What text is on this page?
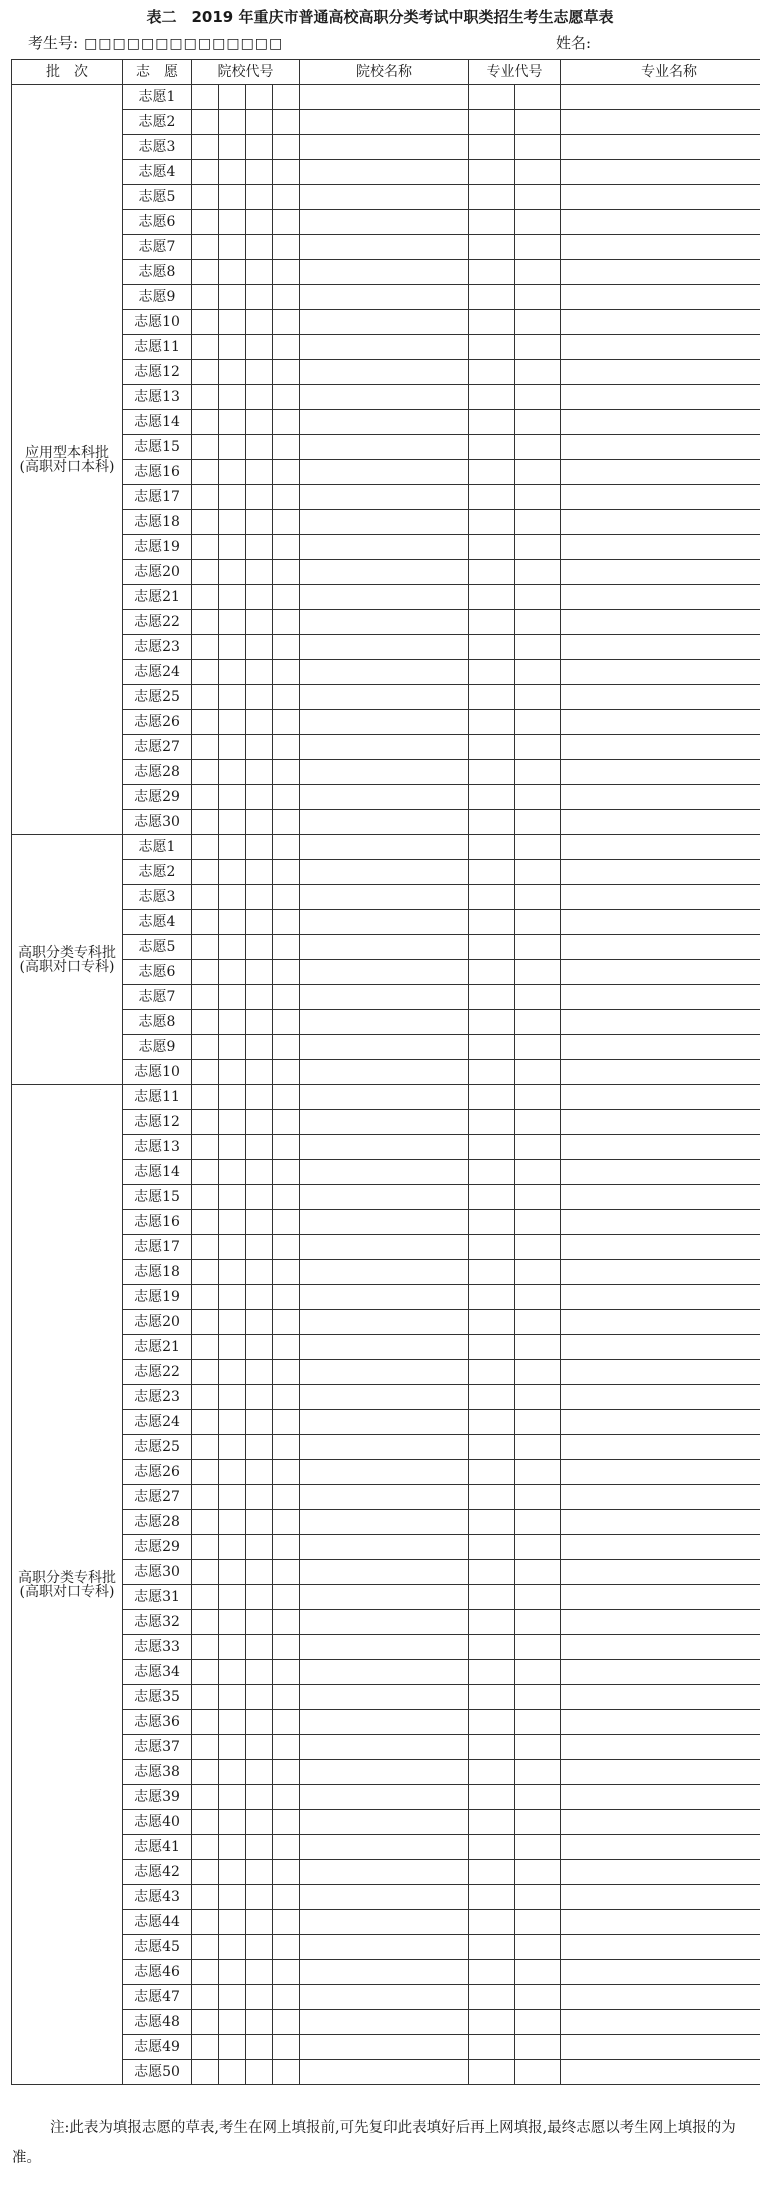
表二　2019 年重庆市普通高校高职分类考试中职类招生考生志愿草表
考生号: □□□□□□□□□□□□□□	姓名:
批　次	志　愿	院校代号				院校名称	专业代号		专业名称

应用型本科批
(高职对口本科)	志愿1								
	志愿2								
	志愿3								
	志愿4								
	志愿5								
	志愿6								
	志愿7								
	志愿8								
	志愿9								
	志愿10								
	志愿11								
	志愿12								
	志愿13								
	志愿14								
	志愿15								
	志愿16								
	志愿17								
	志愿18								
	志愿19								
	志愿20								
	志愿21								
	志愿22								
	志愿23								
	志愿24								
	志愿25								
	志愿26								
	志愿27								
	志愿28								
	志愿29								
	志愿30								

高职分类专科批
(高职对口专科)	志愿1								
	志愿2								
	志愿3								
	志愿4								
	志愿5								
	志愿6								
	志愿7								
	志愿8								
	志愿9								
	志愿10								

高职分类专科批
(高职对口专科)	志愿11								
	志愿12								
	志愿13								
	志愿14								
	志愿15								
	志愿16								
	志愿17								
	志愿18								
	志愿19								
	志愿20								
	志愿21								
	志愿22								
	志愿23								
	志愿24								
	志愿25								
	志愿26								
	志愿27								
	志愿28								
	志愿29								
	志愿30								
	志愿31								
	志愿32								
	志愿33								
	志愿34								
	志愿35								
	志愿36								
	志愿37								
	志愿38								
	志愿39								
	志愿40								
	志愿41								
	志愿42								
	志愿43								
	志愿44								
	志愿45								
	志愿46								
	志愿47								
	志愿48								
	志愿49								
	志愿50								
注:此表为填报志愿的草表,考生在网上填报前,可先复印此表填好后再上网填报,最终志愿以考生网上填报的为准。
